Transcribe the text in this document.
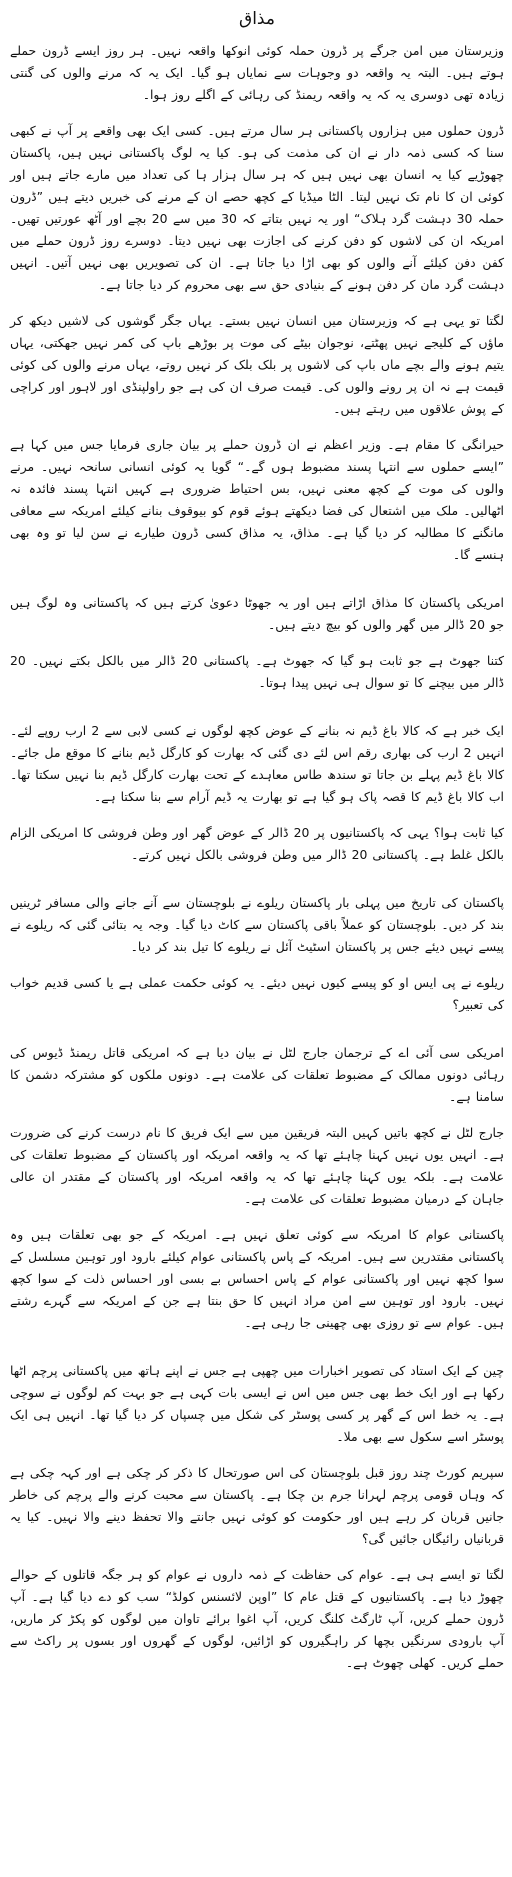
مذاق

وزیرستان میں امن جرگے پر ڈرون حملہ کوئی انوکھا واقعہ نہیں۔ ہر روز ایسے ڈرون حملے ہوتے ہیں۔ البتہ یہ واقعہ دو وجوہات سے نمایاں ہو گیا۔ ایک یہ کہ مرنے والوں کی گنتی زیادہ تھی دوسری یہ کہ یہ واقعہ ریمنڈ کی رہائی کے اگلے روز ہوا۔

ڈرون حملوں میں ہزاروں پاکستانی ہر سال مرتے ہیں۔ کسی ایک بھی واقعے پر آپ نے کبھی سنا کہ کسی ذمہ دار نے ان کی مذمت کی ہو۔ کیا یہ لوگ پاکستانی نہیں ہیں، پاکستان چھوڑیے کیا یہ انسان بھی نہیں ہیں کہ ہر سال ہزار ہا کی تعداد میں مارے جاتے ہیں اور کوئی ان کا نام تک نہیں لیتا۔ الٹا میڈیا کے کچھ حصے ان کے مرنے کی خبریں دیتے ہیں ”ڈرون حملہ 30 دہشت گرد ہلاک“ اور یہ نہیں بتاتے کہ 30 میں سے 20 بچے اور آٹھ عورتیں تھیں۔ امریکہ ان کی لاشوں کو دفن کرنے کی اجازت بھی نہیں دیتا۔ دوسرے روز ڈرون حملے میں کفن دفن کیلئے آنے والوں کو بھی اڑا دیا جاتا ہے۔ ان کی تصویریں بھی نہیں آتیں۔ انہیں دہشت گرد مان کر دفن ہونے کے بنیادی حق سے بھی محروم کر دیا جاتا ہے۔

لگتا تو یہی ہے کہ وزیرستان میں انسان نہیں بستے۔ یہاں جگر گوشوں کی لاشیں دیکھ کر ماؤں کے کلیجے نہیں پھٹتے، نوجوان بیٹے کی موت پر بوڑھے باپ کی کمر نہیں جھکتی، یہاں یتیم ہونے والے بچے ماں باپ کی لاشوں پر بلک بلک کر نہیں روتے، یہاں مرنے والوں کی کوئی قیمت ہے نہ ان پر رونے والوں کی۔ قیمت صرف ان کی ہے جو راولپنڈی اور لاہور اور کراچی کے پوش علاقوں میں رہتے ہیں۔

حیرانگی کا مقام ہے۔ وزیر اعظم نے ان ڈرون حملے پر بیان جاری فرمایا جس میں کہا ہے ”ایسے حملوں سے انتہا پسند مضبوط ہوں گے۔“ گویا یہ کوئی انسانی سانحہ نہیں۔ مرنے والوں کی موت کے کچھ معنی نہیں، بس احتیاط ضروری ہے کہیں انتہا پسند فائدہ نہ اٹھالیں۔ ملک میں اشتعال کی فضا دیکھتے ہوئے قوم کو بیوقوف بنانے کیلئے امریکہ سے معافی مانگنے کا مطالبہ کر دیا گیا ہے۔ مذاق، یہ مذاق کسی ڈرون طیارے نے سن لیا تو وہ بھی ہنسے گا۔

امریکی پاکستان کا مذاق اڑاتے ہیں اور یہ جھوٹا دعویٰ کرتے ہیں کہ پاکستانی وہ لوگ ہیں جو 20 ڈالر میں گھر والوں کو بیچ دیتے ہیں۔

کتنا جھوٹ ہے جو ثابت ہو گیا کہ جھوٹ ہے۔ پاکستانی 20 ڈالر میں بالکل بکتے نہیں۔ 20 ڈالر میں بیچنے کا تو سوال ہی نہیں پیدا ہوتا۔

ایک خبر ہے کہ کالا باغ ڈیم نہ بنانے کے عوض کچھ لوگوں نے کسی لابی سے 2 ارب روپے لئے۔ انہیں 2 ارب کی بھاری رقم اس لئے دی گئی کہ بھارت کو کارگل ڈیم بنانے کا موقع مل جائے۔ کالا باغ ڈیم پہلے بن جاتا تو سندھ طاس معاہدے کے تحت بھارت کارگل ڈیم بنا نہیں سکتا تھا۔ اب کالا باغ ڈیم کا قصہ پاک ہو گیا ہے تو بھارت یہ ڈیم آرام سے بنا سکتا ہے۔

کیا ثابت ہوا؟ یہی کہ پاکستانیوں پر 20 ڈالر کے عوض گھر اور وطن فروشی کا امریکی الزام بالکل غلط ہے۔ پاکستانی 20 ڈالر میں وطن فروشی بالکل نہیں کرتے۔

پاکستان کی تاریخ میں پہلی بار پاکستان ریلوے نے بلوچستان سے آنے جانے والی مسافر ٹرینیں بند کر دیں۔ بلوچستان کو عملاً باقی پاکستان سے کاٹ دیا گیا۔ وجہ یہ بتائی گئی کہ ریلوے نے پیسے نہیں دیئے جس پر پاکستان اسٹیٹ آئل نے ریلوے کا تیل بند کر دیا۔

ریلوے نے پی ایس او کو پیسے کیوں نہیں دیئے۔ یہ کوئی حکمت عملی ہے یا کسی قدیم خواب کی تعبیر؟

امریکی سی آئی اے کے ترجمان جارج لٹل نے بیان دیا ہے کہ امریکی قاتل ریمنڈ ڈیوس کی رہائی دونوں ممالک کے مضبوط تعلقات کی علامت ہے۔ دونوں ملکوں کو مشترکہ دشمن کا سامنا ہے۔

جارج لٹل نے کچھ باتیں کہیں البتہ فریقین میں سے ایک فریق کا نام درست کرنے کی ضرورت ہے۔ انہیں یوں نہیں کہنا چاہئے تھا کہ یہ واقعہ امریکہ اور پاکستان کے مضبوط تعلقات کی علامت ہے۔ بلکہ یوں کہنا چاہئے تھا کہ یہ واقعہ امریکہ اور پاکستان کے مقتدر ان عالی جاہان کے درمیان مضبوط تعلقات کی علامت ہے۔

پاکستانی عوام کا امریکہ سے کوئی تعلق نہیں ہے۔ امریکہ کے جو بھی تعلقات ہیں وہ پاکستانی مقتدرین سے ہیں۔ امریکہ کے پاس پاکستانی عوام کیلئے بارود اور توہین مسلسل کے سوا کچھ نہیں اور پاکستانی عوام کے پاس احساس بے بسی اور احساس ذلت کے سوا کچھ نہیں۔ بارود اور توہین سے امن مراد انہیں کا حق بنتا ہے جن کے امریکہ سے گہرے رشتے ہیں۔ عوام سے تو روزی بھی چھینی جا رہی ہے۔

چین کے ایک استاد کی تصویر اخبارات میں چھپی ہے جس نے اپنے ہاتھ میں پاکستانی پرچم اٹھا رکھا ہے اور ایک خط بھی جس میں اس نے ایسی بات کہی ہے جو بہت کم لوگوں نے سوچی ہے۔ یہ خط اس کے گھر پر کسی پوسٹر کی شکل میں چسپاں کر دیا گیا تھا۔ انہیں ہی ایک پوسٹر اسے سکول سے بھی ملا۔

سپریم کورٹ چند روز قبل بلوچستان کی اس صورتحال کا ذکر کر چکی ہے اور کہہ چکی ہے کہ وہاں قومی پرچم لہرانا جرم بن چکا ہے۔ پاکستان سے محبت کرنے والے پرچم کی خاطر جانیں قربان کر رہے ہیں اور حکومت کو کوئی نہیں جانتے والا تحفظ دینے والا نہیں۔ کیا یہ قربانیاں رائیگاں جائیں گی؟

لگتا تو ایسے ہی ہے۔ عوام کی حفاظت کے ذمہ داروں نے عوام کو ہر جگہ قاتلوں کے حوالے چھوڑ دیا ہے۔ پاکستانیوں کے قتل عام کا ”اوپن لائسنس کولڈ“ سب کو دے دیا گیا ہے۔ آپ ڈرون حملے کریں، آپ ٹارگٹ کلنگ کریں، آپ اغوا برائے تاوان میں لوگوں کو پکڑ کر ماریں، آپ بارودی سرنگیں بچھا کر راہگیروں کو اڑائیں، لوگوں کے گھروں اور بسوں پر راکٹ سے حملے کریں۔ کھلی چھوٹ ہے۔
